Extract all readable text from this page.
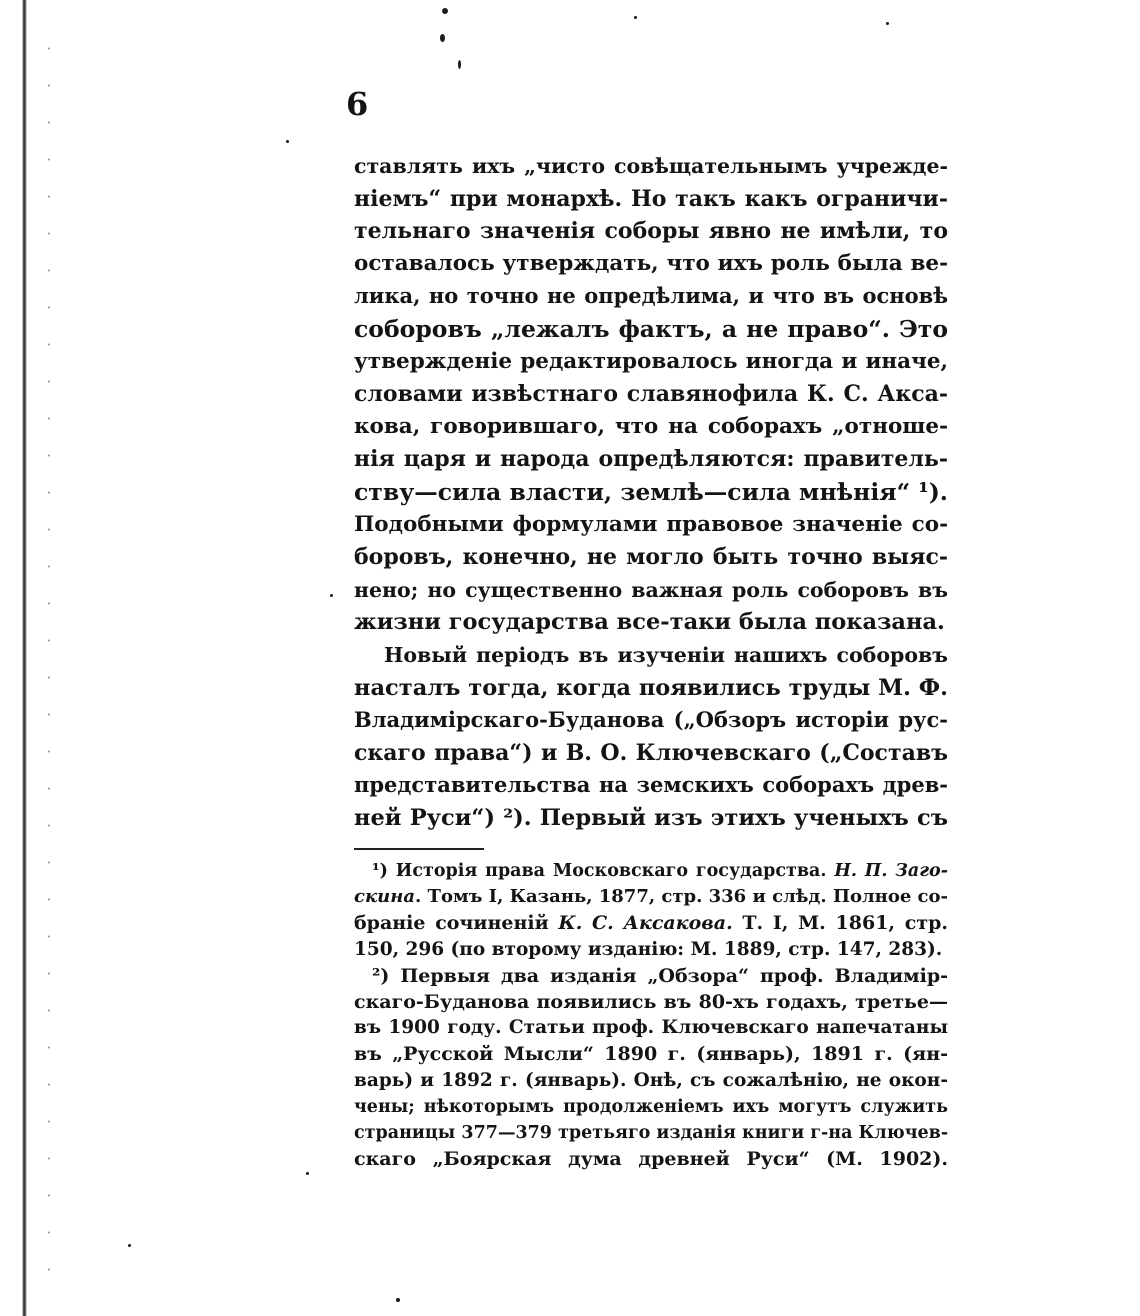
6
ставлять ихъ „чисто совѣщательнымъ учрежде-
ніемъ“ при монархѣ. Но такъ какъ ограничи-
тельнаго значенія соборы явно не имѣли, то
оставалось утверждать, что ихъ роль была ве-
лика, но точно не опредѣлима, и что въ основѣ
соборовъ „лежалъ фактъ, а не право“. Это
утвержденіе редактировалось иногда и иначе,
словами извѣстнаго славянофила К. С. Акса-
кова, говорившаго, что на соборахъ „отноше-
нія царя и народа опредѣляются: правитель-
ству—сила власти, землѣ—сила мнѣнія“ ¹).
Подобными формулами правовое значеніе со-
боровъ, конечно, не могло быть точно выяс-
нено; но существенно важная роль соборовъ въ
жизни государства все-таки была показана.
Новый періодъ въ изученіи нашихъ соборовъ
насталъ тогда, когда появились труды М. Ф.
Владимірскаго-Буданова („Обзоръ исторіи рус-
скаго права“) и В. О. Ключевскаго („Составъ
представительства на земскихъ соборахъ древ-
ней Руси“) ²). Первый изъ этихъ ученыхъ съ
¹) Исторія права Московскаго государства. Н. П. Заго-
скина. Томъ I, Казань, 1877, стр. 336 и слѣд. Полное со-
браніе сочиненій К. С. Аксакова. Т. I, М. 1861, стр.
150, 296 (по второму изданію: М. 1889, стр. 147, 283).
²) Первыя два изданія „Обзора“ проф. Владимір-
скаго-Буданова появились въ 80-хъ годахъ, третье—
въ 1900 году. Статьи проф. Ключевскаго напечатаны
въ „Русской Мысли“ 1890 г. (январь), 1891 г. (ян-
варь) и 1892 г. (январь). Онѣ, съ сожалѣнію, не окон-
чены; нѣкоторымъ продолженіемъ ихъ могутъ служить
страницы 377—379 третьяго изданія книги г-на Ключев-
скаго „Боярская дума древней Руси“ (М. 1902).
